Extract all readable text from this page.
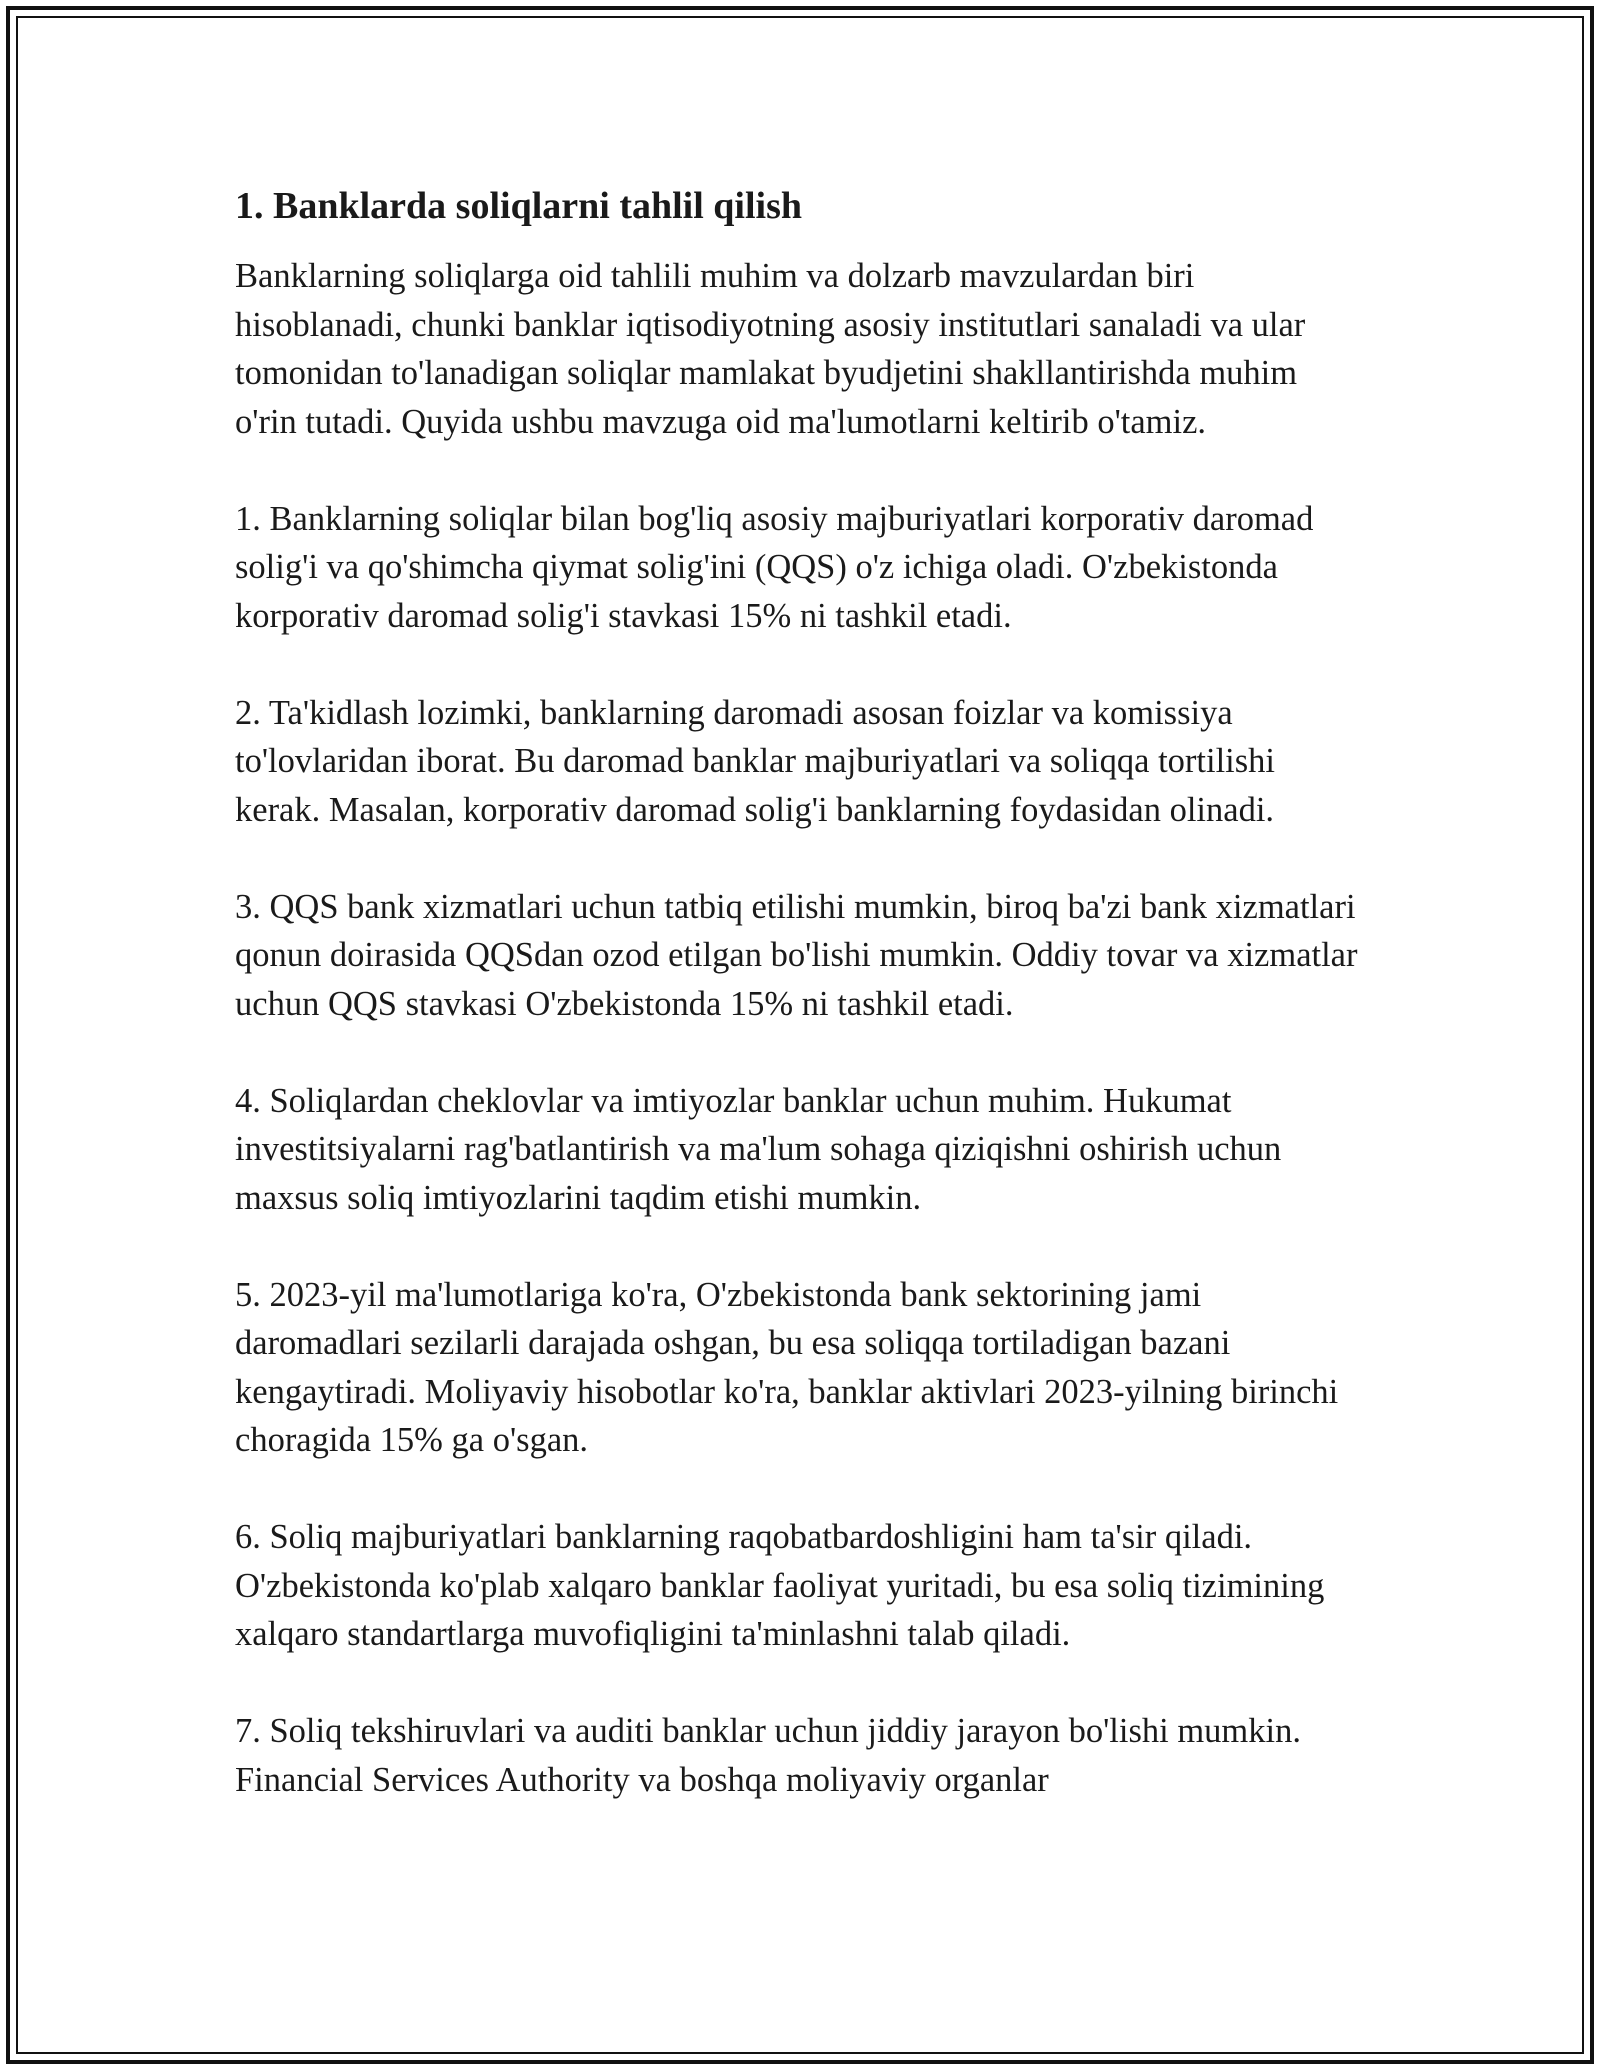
1. Banklarda soliqlarni tahlil qilish

Banklarning soliqlarga oid tahlili muhim va dolzarb mavzulardan biri hisoblanadi, chunki banklar iqtisodiyotning asosiy institutlari sanaladi va ular tomonidan to'lanadigan soliqlar mamlakat byudjetini shakllantirishda muhim o'rin tutadi. Quyida ushbu mavzuga oid ma'lumotlarni keltirib o'tamiz.

1. Banklarning soliqlar bilan bog'liq asosiy majburiyatlari korporativ daromad solig'i va qo'shimcha qiymat solig'ini (QQS) o'z ichiga oladi. O'zbekistonda korporativ daromad solig'i stavkasi 15% ni tashkil etadi.

2. Ta'kidlash lozimki, banklarning daromadi asosan foizlar va komissiya to'lovlaridan iborat. Bu daromad banklar majburiyatlari va soliqqa tortilishi kerak. Masalan, korporativ daromad solig'i banklarning foydasidan olinadi.

3. QQS bank xizmatlari uchun tatbiq etilishi mumkin, biroq ba'zi bank xizmatlari qonun doirasida QQSdan ozod etilgan bo'lishi mumkin. Oddiy tovar va xizmatlar uchun QQS stavkasi O'zbekistonda 15% ni tashkil etadi.

4. Soliqlardan cheklovlar va imtiyozlar banklar uchun muhim. Hukumat investitsiyalarni rag'batlantirish va ma'lum sohaga qiziqishni oshirish uchun maxsus soliq imtiyozlarini taqdim etishi mumkin.

5. 2023-yil ma'lumotlariga ko'ra, O'zbekistonda bank sektorining jami daromadlari sezilarli darajada oshgan, bu esa soliqqa tortiladigan bazani kengaytiradi. Moliyaviy hisobotlar ko'ra, banklar aktivlari 2023-yilning birinchi choragida 15% ga o'sgan.

6. Soliq majburiyatlari banklarning raqobatbardoshligini ham ta'sir qiladi. O'zbekistonda ko'plab xalqaro banklar faoliyat yuritadi, bu esa soliq tizimining xalqaro standartlarga muvofiqligini ta'minlashni talab qiladi.

7. Soliq tekshiruvlari va auditi banklar uchun jiddiy jarayon bo'lishi mumkin. Financial Services Authority va boshqa moliyaviy organlar
